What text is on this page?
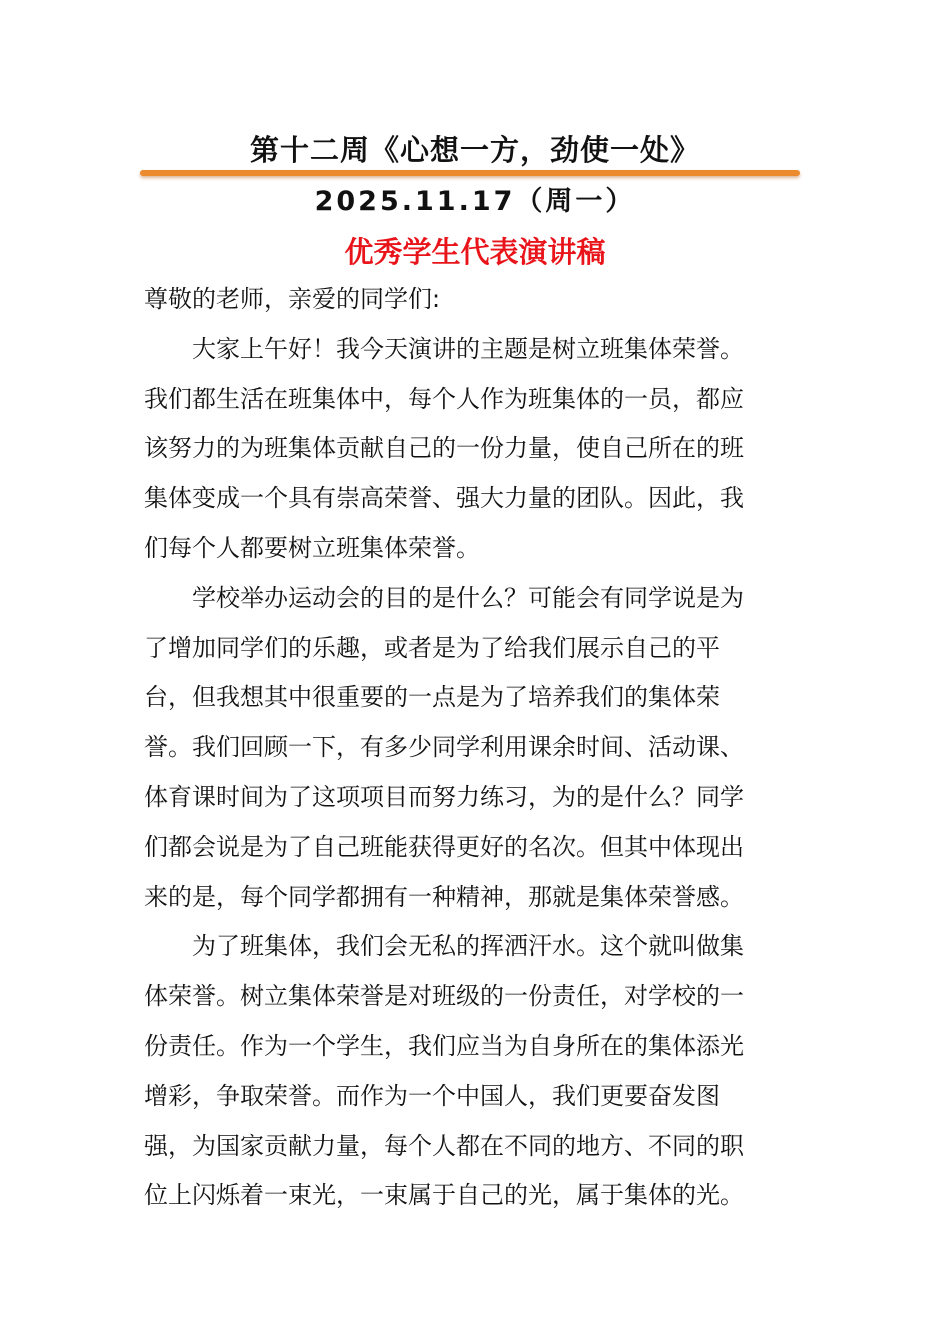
第十二周《心想一方，劲使一处》
2025.11.17（周一）
优秀学生代表演讲稿
尊敬的老师，亲爱的同学们:
　　大家上午好！我今天演讲的主题是树立班集体荣誉。
我们都生活在班集体中，每个人作为班集体的一员，都应
该努力的为班集体贡献自己的一份力量，使自己所在的班
集体变成一个具有崇高荣誉、强大力量的团队。因此，我
们每个人都要树立班集体荣誉。
　　学校举办运动会的目的是什么？可能会有同学说是为
了增加同学们的乐趣，或者是为了给我们展示自己的平
台，但我想其中很重要的一点是为了培养我们的集体荣
誉。我们回顾一下，有多少同学利用课余时间、活动课、
体育课时间为了这项项目而努力练习，为的是什么？同学
们都会说是为了自己班能获得更好的名次。但其中体现出
来的是，每个同学都拥有一种精神，那就是集体荣誉感。
　　为了班集体，我们会无私的挥洒汗水。这个就叫做集
体荣誉。树立集体荣誉是对班级的一份责任，对学校的一
份责任。作为一个学生，我们应当为自身所在的集体添光
增彩，争取荣誉。而作为一个中国人，我们更要奋发图
强，为国家贡献力量，每个人都在不同的地方、不同的职
位上闪烁着一束光，一束属于自己的光，属于集体的光。
